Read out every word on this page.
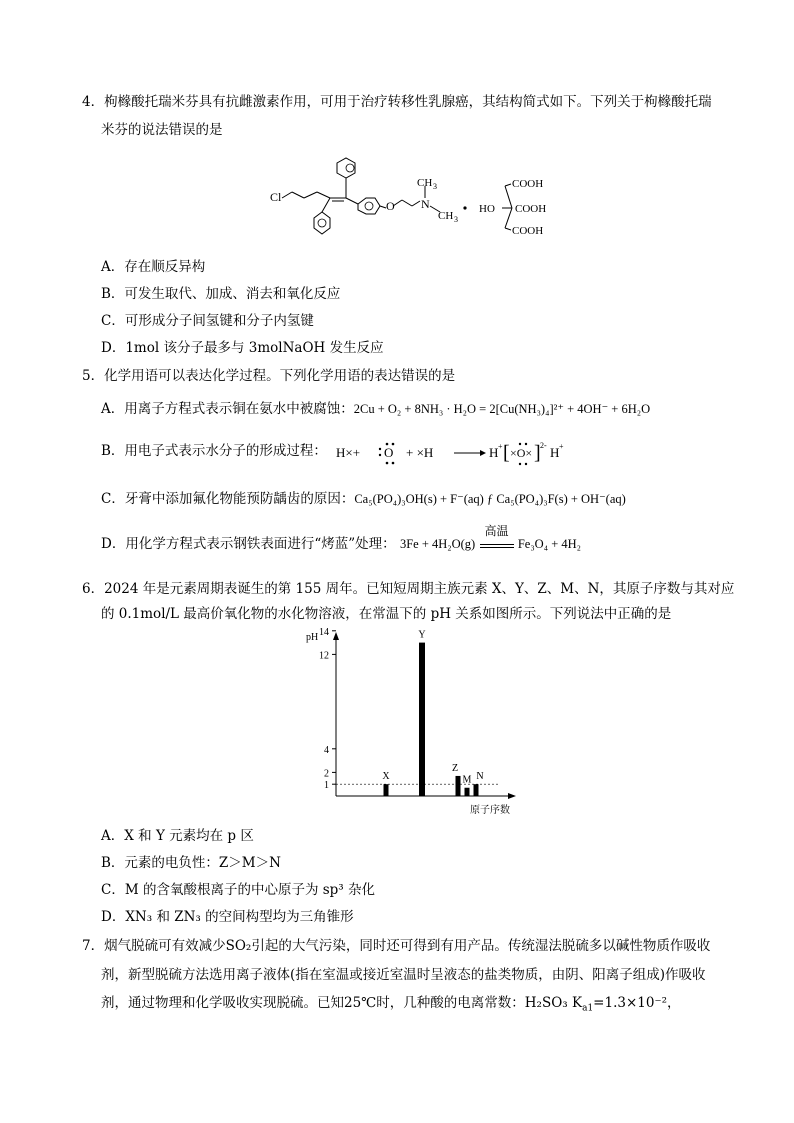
4．枸橼酸托瑞米芬具有抗雌激素作用，可用于治疗转移性乳腺癌，其结构简式如下。下列关于枸橼酸托瑞
米芬的说法错误的是
Cl
O N
CH 3
CH 3
HO
COOH
COOH
COOH
A．存在顺反异构
B．可发生取代、加成、消去和氧化反应
C．可形成分子间氢键和分子内氢键
D．1mol 该分子最多与 3molNaOH 发生反应
5．化学用语可以表达化学过程。下列化学用语的表达错误的是
A．用离子方程式表示铜在氨水中被腐蚀：2Cu + O₂ + 8NH₃ · H₂O = 2[Cu(NH₃)₄]²⁺ + 4OH⁻ + 6H₂O
B．用电子式表示水分子的形成过程： H×+ O + ×H	H + [ ×O× ] 2- H +
C．牙膏中添加氟化物能预防龋齿的原因：Ca₅(PO₄)₃OH(s) + F⁻(aq) ƒ Ca₅(PO₄)₃F(s) + OH⁻(aq)
D．用化学方程式表示钢铁表面进行“烤蓝”处理： 3Fe + 4H₂O(g)
高温
Fe₃O₄ + 4H₂
6．2024 年是元素周期表诞生的第 155 周年。已知短周期主族元素 X、Y、Z、M、N，其原子序数与其对应
的 0.1mol/L 最高价氧化物的水化物溶液，在常温下的 pH 关系如图所示。下列说法中正确的是
pH
原子序数
1
2
4
12
14
X
Y
Z
M N
A．X 和 Y 元素均在 p 区
B．元素的电负性：Z＞M＞N
C．M 的含氧酸根离子的中心原子为 sp³ 杂化
D．XN₃ 和 ZN₃ 的空间构型均为三角锥形
7．烟气脱硫可有效减少SO₂引起的大气污染，同时还可得到有用产品。传统湿法脱硫多以碱性物质作吸收
剂，新型脱硫方法选用离子液体(指在室温或接近室温时呈液态的盐类物质，由阴、阳离子组成)作吸收
剂，通过物理和化学吸收实现脱硫。已知25℃时，几种酸的电离常数：H₂SO₃ $K_{a1}=1.3\times 10^{-2}$，
